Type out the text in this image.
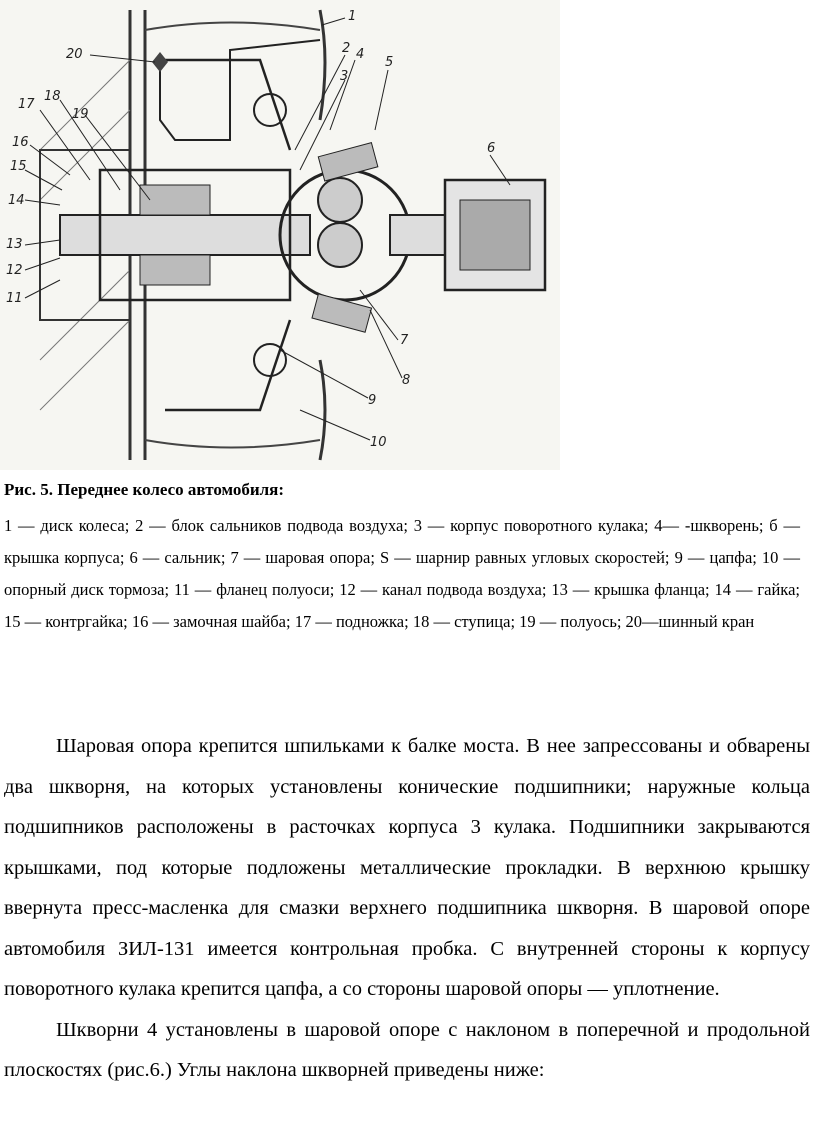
20
17
18
19
16
15
14
13
12
11
1
2 4
3
5
6
7
8
9
10

Рис. 5. Переднее колесо автомобиля:

1 — диск колеса; 2 — блок сальников подвода воздуха; 3 — корпус поворотного кулака; 4— -шкворень; б — крышка корпуса; 6 — сальник; 7 — шаровая опора; S — шарнир равных угловых скоростей; 9 — цапфа; 10 — опорный диск тормоза; 11 — фланец полуоси; 12 — канал подвода воздуха; 13 — крышка фланца; 14 — гайка; 15 — контргайка; 16 — замочная шайба; 17 — подножка; 18 — ступица; 19 — полуось; 20—шинный кран

Шаровая опора крепится шпильками к балке моста. В нее запрессованы и обварены два шкворня, на которых установлены конические подшипники; наружные кольца подшипников расположены в расточках корпуса 3 кулака. Подшипники закрываются крышками, под которые подложены металлические прокладки. В верхнюю крышку ввернута пресс-масленка для смазки верхнего подшипника шкворня. В шаровой опоре автомобиля ЗИЛ-131 имеется контрольная пробка. С внутренней стороны к корпусу поворотного кулака крепится цапфа, а со стороны шаровой опоры — уплотнение.

Шкворни 4 установлены в шаровой опоре с наклоном в поперечной и продольной плоскостях (рис.6.) Углы наклона шкворней приведены ниже:
